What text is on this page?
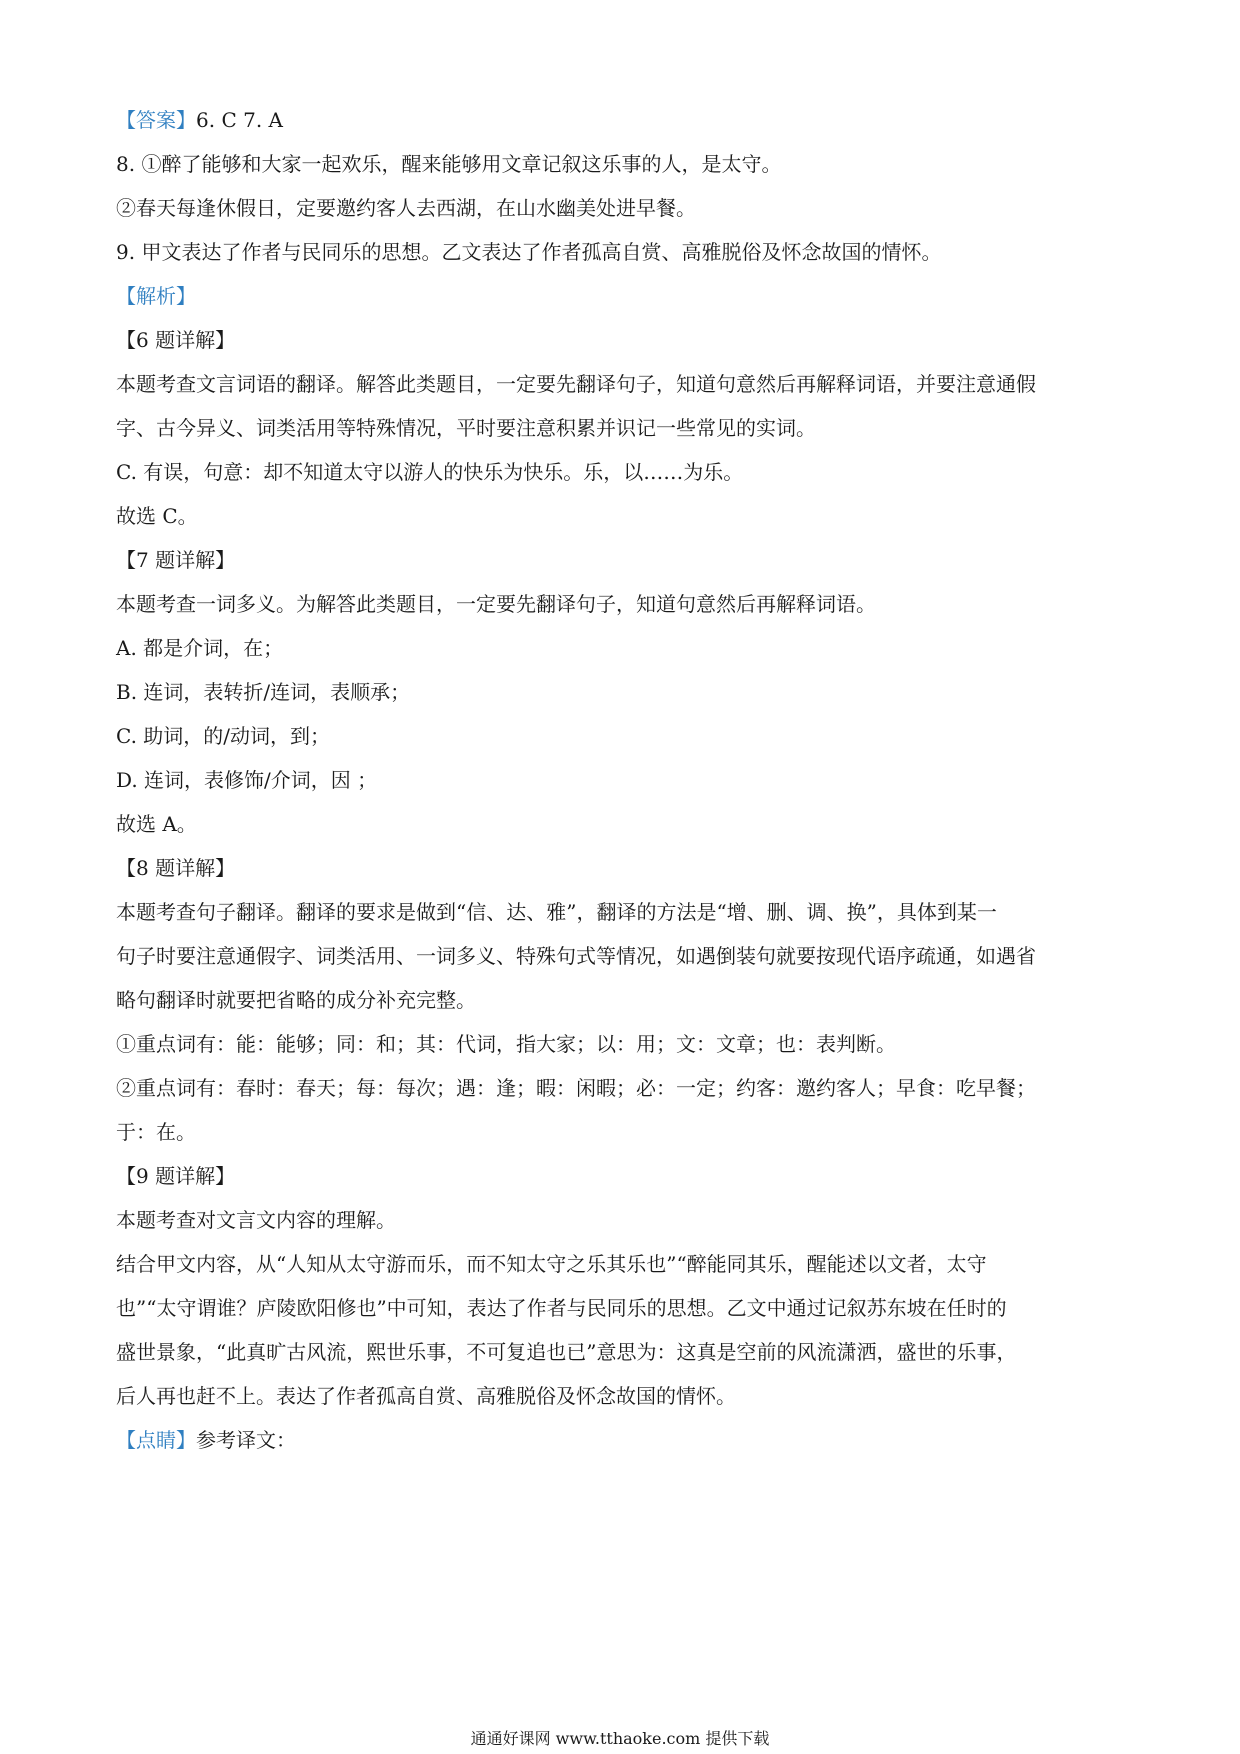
【答案】6. C 7. A
8. ①醉了能够和大家一起欢乐，醒来能够用文章记叙这乐事的人，是太守。
②春天每逢休假日，定要邀约客人去西湖，在山水幽美处进早餐。
9. 甲文表达了作者与民同乐的思想。乙文表达了作者孤高自赏、高雅脱俗及怀念故国的情怀。
【解析】
【6 题详解】
本题考查文言词语的翻译。解答此类题目，一定要先翻译句子，知道句意然后再解释词语，并要注意通假
字、古今异义、词类活用等特殊情况，平时要注意积累并识记一些常见的实词。
C. 有误，句意：却不知道太守以游人的快乐为快乐。乐，以……为乐。
故选 C。
【7 题详解】
本题考查一词多义。为解答此类题目，一定要先翻译句子，知道句意然后再解释词语。
A. 都是介词，在；
B. 连词，表转折/连词，表顺承；
C. 助词，的/动词，到；
D. 连词，表修饰/介词，因 ；
故选 A。
【8 题详解】
本题考查句子翻译。翻译的要求是做到“信、达、雅”，翻译的方法是“增、删、调、换”，具体到某一
句子时要注意通假字、词类活用、一词多义、特殊句式等情况，如遇倒装句就要按现代语序疏通，如遇省
略句翻译时就要把省略的成分补充完整。
①重点词有：能：能够；同：和；其：代词，指大家；以：用；文：文章；也：表判断。
②重点词有：春时：春天；每：每次；遇：逢；暇：闲暇；必：一定；约客：邀约客人；早食：吃早餐；
于：在。
【9 题详解】
本题考查对文言文内容的理解。
结合甲文内容，从“人知从太守游而乐，而不知太守之乐其乐也”“醉能同其乐，醒能述以文者，太守
也”“太守谓谁？庐陵欧阳修也”中可知，表达了作者与民同乐的思想。乙文中通过记叙苏东坡在任时的
盛世景象，“此真旷古风流，熙世乐事，不可复追也已”意思为：这真是空前的风流潇洒，盛世的乐事，
后人再也赶不上。表达了作者孤高自赏、高雅脱俗及怀念故国的情怀。
【点睛】参考译文：
通通好课网 www.tthaoke.com 提供下载
